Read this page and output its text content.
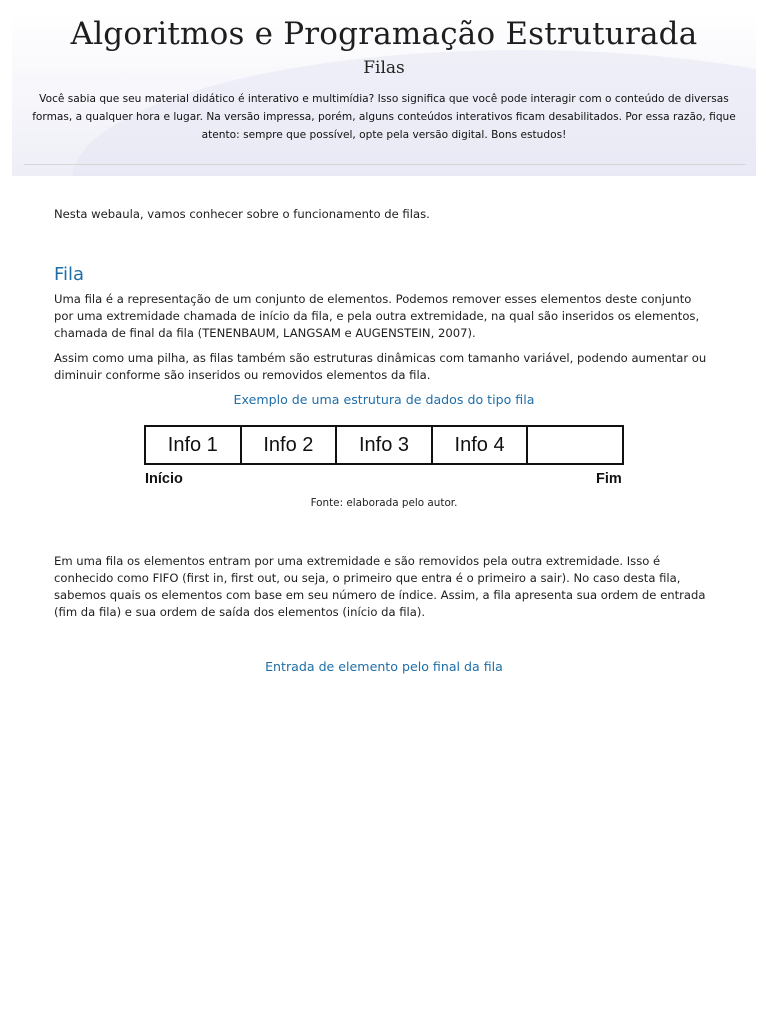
Algoritmos e Programação Estruturada
Filas
Você sabia que seu material didático é interativo e multimídia? Isso significa que você pode interagir com o conteúdo de diversas formas, a qualquer hora e lugar. Na versão impressa, porém, alguns conteúdos interativos ficam desabilitados. Por essa razão, fique atento: sempre que possível, opte pela versão digital. Bons estudos!
Nesta webaula, vamos conhecer sobre o funcionamento de filas.
Fila
Uma fila é a representação de um conjunto de elementos. Podemos remover esses elementos deste conjunto por uma extremidade chamada de início da fila, e pela outra extremidade, na qual são inseridos os elementos, chamada de final da fila (TENENBAUM, LANGSAM e AUGENSTEIN, 2007).
Assim como uma pilha, as filas também são estruturas dinâmicas com tamanho variável, podendo aumentar ou diminuir conforme são inseridos ou removidos elementos da fila.
Exemplo de uma estrutura de dados do tipo fila
Fonte: elaborada pelo autor.
Em uma fila os elementos entram por uma extremidade e são removidos pela outra extremidade. Isso é conhecido como FIFO (first in, first out, ou seja, o primeiro que entra é o primeiro a sair). No caso desta fila, sabemos quais os elementos com base em seu número de índice. Assim, a fila apresenta sua ordem de entrada (fim da fila) e sua ordem de saída dos elementos (início da fila).
Entrada de elemento pelo final da fila
Info 1	Info 2	Info 3	Info 4
Início	Fim
